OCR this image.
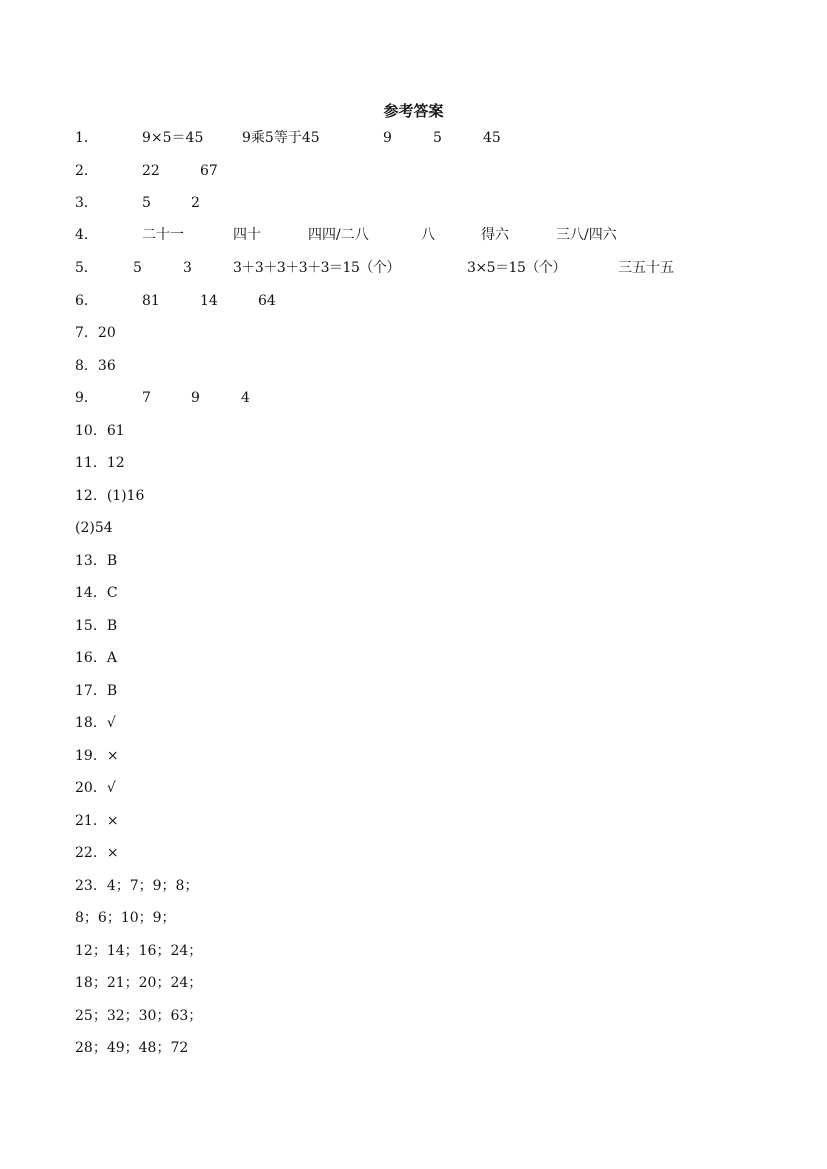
参考答案
1．	9×5＝45	9乘5等于45	9	5	45
2．	22	67
3．	5	2
4．	二十一	四十	四四/二八	八	得六	三八/四六
5．	5	3	3＋3＋3＋3＋3＝15（个）	3×5＝15（个）	三五十五
6．	81	14	64
7．20
8．36
9．	7	9	4
10．61
11．12
12．(1)16
(2)54
13．B
14．C
15．B
16．A
17．B
18．√
19．×
20．√
21．×
22．×
23．4；7；9；8；
8；6；10；9；
12；14；16；24；
18；21；20；24；
25；32；30；63；
28；49；48；72
